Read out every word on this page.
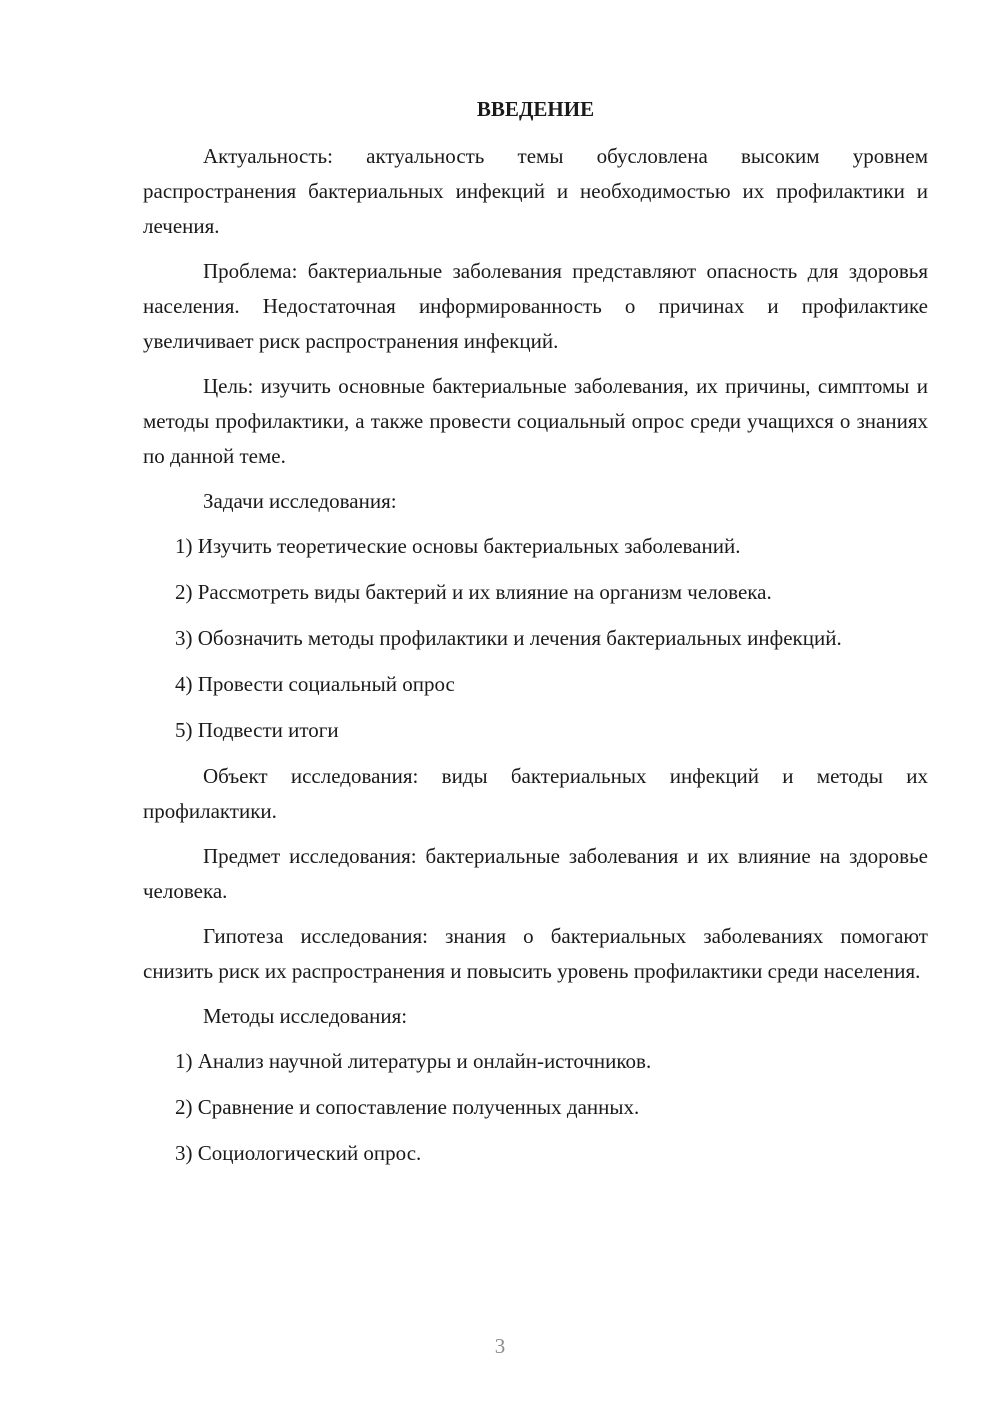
ВВЕДЕНИЕ

Актуальность: актуальность темы обусловлена высоким уровнем распространения бактериальных инфекций и необходимостью их профилактики и лечения.

Проблема: бактериальные заболевания представляют опасность для здоровья населения. Недостаточная информированность о причинах и профилактике увеличивает риск распространения инфекций.

Цель: изучить основные бактериальные заболевания, их причины, симптомы и методы профилактики, а также провести социальный опрос среди учащихся о знаниях по данной теме.

Задачи исследования:

1) Изучить теоретические основы бактериальных заболеваний.

2) Рассмотреть виды бактерий и их влияние на организм человека.

3) Обозначить методы профилактики и лечения бактериальных инфекций.

4) Провести социальный опрос

5) Подвести итоги

Объект исследования: виды бактериальных инфекций и методы их профилактики.

Предмет исследования: бактериальные заболевания и их влияние на здоровье человека.

Гипотеза исследования: знания о бактериальных заболеваниях помогают снизить риск их распространения и повысить уровень профилактики среди населения.

Методы исследования:

1) Анализ научной литературы и онлайн-источников.

2) Сравнение и сопоставление полученных данных.

3) Социологический опрос.

3
